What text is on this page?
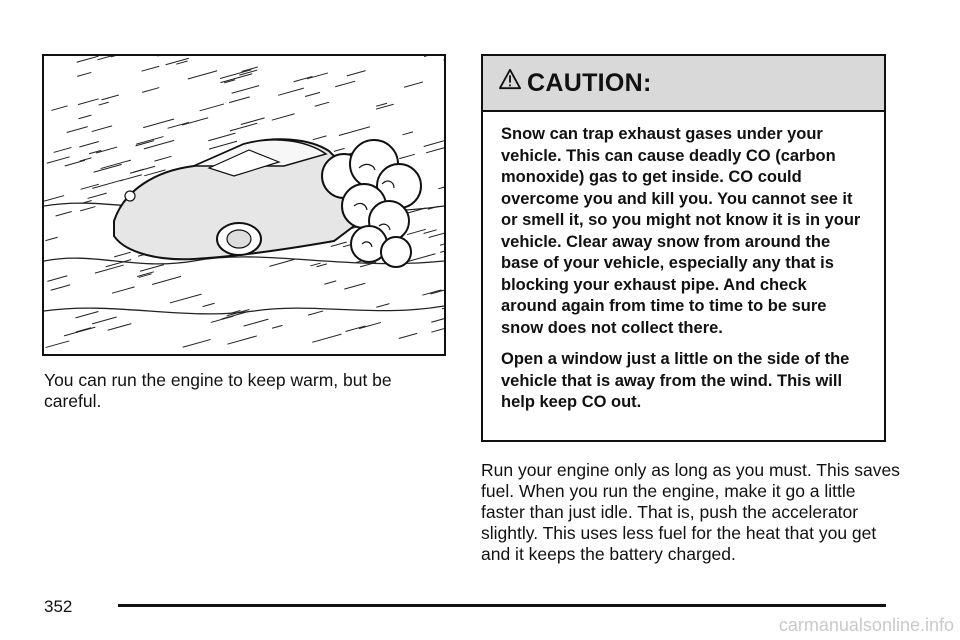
You can run the engine to keep warm, but be careful.

CAUTION:

Snow can trap exhaust gases under your vehicle. This can cause deadly CO (carbon monoxide) gas to get inside. CO could overcome you and kill you. You cannot see it or smell it, so you might not know it is in your vehicle. Clear away snow from around the base of your vehicle, especially any that is blocking your exhaust pipe. And check around again from time to time to be sure snow does not collect there.

Open a window just a little on the side of the vehicle that is away from the wind. This will help keep CO out.

Run your engine only as long as you must. This saves fuel. When you run the engine, make it go a little faster than just idle. That is, push the accelerator slightly. This uses less fuel for the heat that you get and it keeps the battery charged.

352
carmanualsonline.info
